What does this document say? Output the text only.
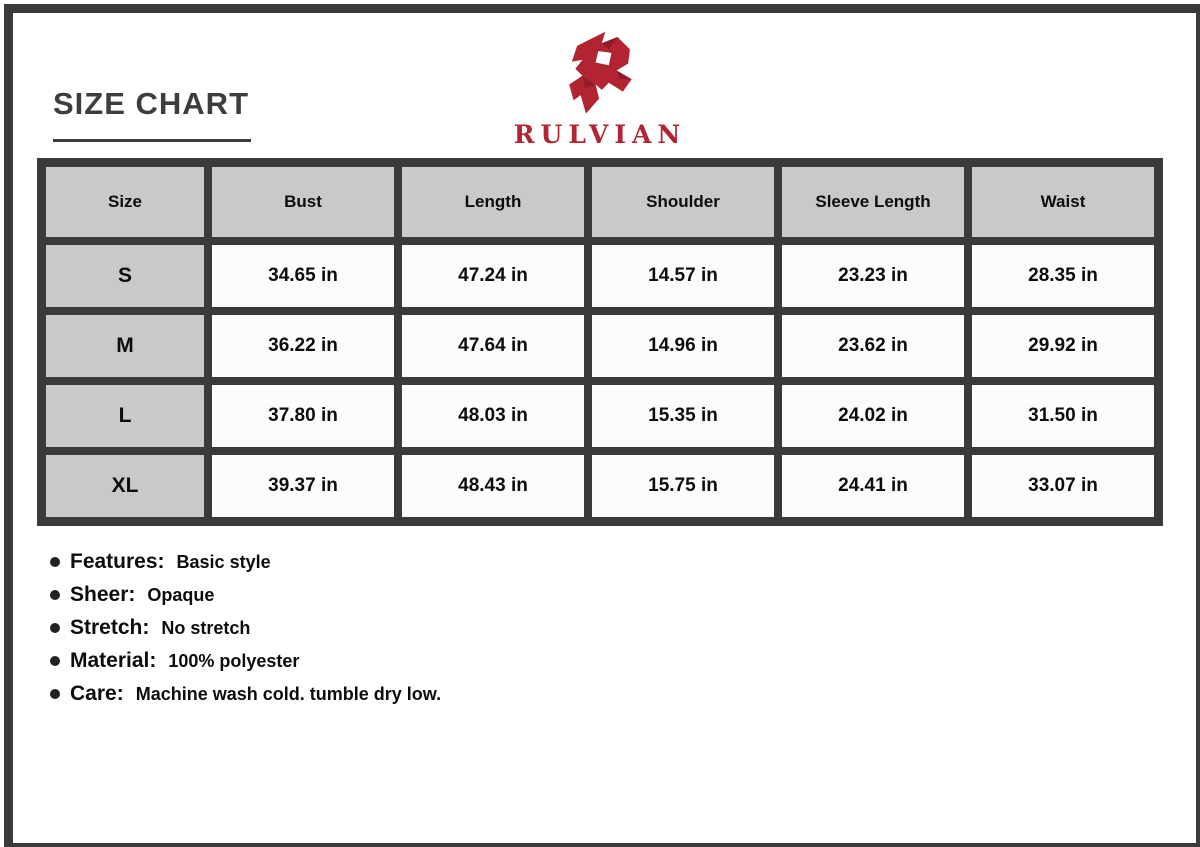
SIZE CHART
RULVIAN
Size	Bust	Length	Shoulder	Sleeve Length	Waist
S	34.65 in	47.24 in	14.57 in	23.23 in	28.35 in
M	36.22 in	47.64 in	14.96 in	23.62 in	29.92 in
L	37.80 in	48.03 in	15.35 in	24.02 in	31.50 in
XL	39.37 in	48.43 in	15.75 in	24.41 in	33.07 in
Features: Basic style
Sheer: Opaque
Stretch: No stretch
Material: 100% polyester
Care: Machine wash cold. tumble dry low.
